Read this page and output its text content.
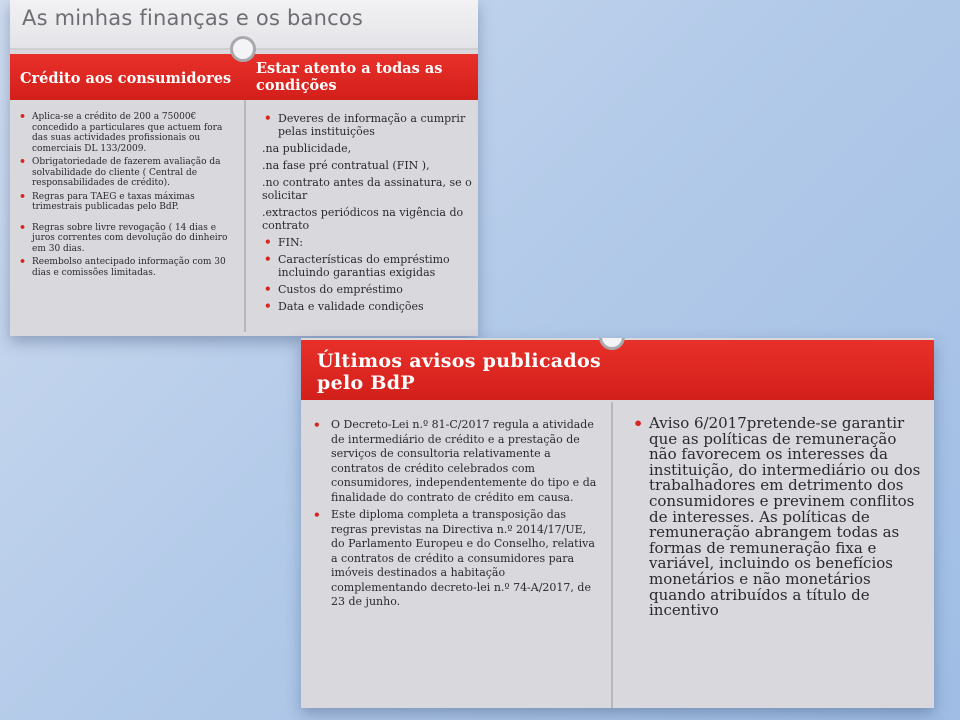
As minhas finanças e os bancos
Crédito aos consumidores
Estar atento a todas as condições
• Aplica-se a crédito de 200 a 75000€ concedido a particulares que actuem fora das suas actividades profissionais ou comerciais DL 133/2009.
• Obrigatoriedade de fazerem avaliação da solvabilidade do cliente ( Central de responsabilidades de crédito).
• Regras para TAEG e taxas máximas trimestrais publicadas pelo BdP.
• Regras sobre livre revogação ( 14 dias e juros correntes com devolução do dinheiro em 30 dias.
• Reembolso antecipado informação com 30 dias e comissões limitadas.
• Deveres de informação a cumprir pelas instituições
.na publicidade,
.na fase pré contratual (FIN ),
.no contrato antes da assinatura, se o solicitar
.extractos periódicos na vigência do contrato
• FIN:
• Características do empréstimo incluindo garantias exigidas
• Custos do empréstimo
• Data e validade condições
Últimos avisos publicados pelo BdP
• O Decreto-Lei n.º 81-C/2017 regula a atividade de intermediário de crédito e a prestação de serviços de consultoria relativamente a contratos de crédito celebrados com consumidores, independentemente do tipo e da finalidade do contrato de crédito em causa.
• Este diploma completa a transposição das regras previstas na Directiva n.º 2014/17/UE, do Parlamento Europeu e do Conselho, relativa a contratos de crédito a consumidores para imóveis destinados a habitação complementando decreto-lei n.º 74-A/2017, de 23 de junho.
• Aviso 6/2017pretende-se garantir que as políticas de remuneração não favorecem os interesses da instituição, do intermediário ou dos trabalhadores em detrimento dos consumidores e previnem conflitos de interesses. As políticas de remuneração abrangem todas as formas de remuneração fixa e variável, incluindo os benefícios monetários e não monetários quando atribuídos a título de incentivo
